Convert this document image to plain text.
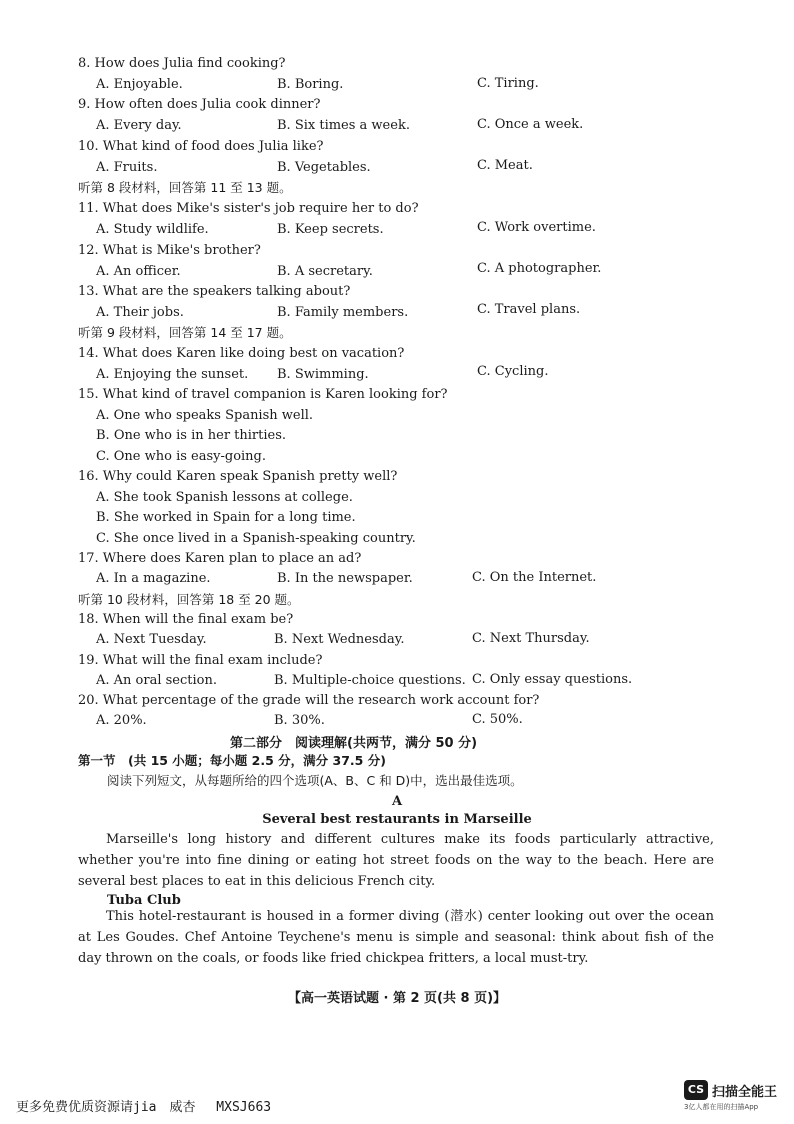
8. How does Julia find cooking?
A. Enjoyable.	B. Boring.	C. Tiring.
9. How often does Julia cook dinner?
A. Every day.	B. Six times a week.	C. Once a week.
10. What kind of food does Julia like?
A. Fruits.	B. Vegetables.	C. Meat.
听第 8 段材料，回答第 11 至 13 题。
11. What does Mike's sister's job require her to do?
A. Study wildlife.	B. Keep secrets.	C. Work overtime.
12. What is Mike's brother?
A. An officer.	B. A secretary.	C. A photographer.
13. What are the speakers talking about?
A. Their jobs.	B. Family members.	C. Travel plans.
听第 9 段材料，回答第 14 至 17 题。
14. What does Karen like doing best on vacation?
A. Enjoying the sunset. B. Swimming.	C. Cycling.
15. What kind of travel companion is Karen looking for?
A. One who speaks Spanish well.
B. One who is in her thirties.
C. One who is easy-going.
16. Why could Karen speak Spanish pretty well?
A. She took Spanish lessons at college.
B. She worked in Spain for a long time.
C. She once lived in a Spanish-speaking country.
17. Where does Karen plan to place an ad?
A. In a magazine.	B. In the newspaper.	C. On the Internet.
听第 10 段材料，回答第 18 至 20 题。
18. When will the final exam be?
A. Next Tuesday.	B. Next Wednesday.	C. Next Thursday.
19. What will the final exam include?
A. An oral section.	B. Multiple-choice questions. C. Only essay questions.
20. What percentage of the grade will the research work account for?
A. 20%.	B. 30%.	C. 50%.
第二部分　阅读理解(共两节，满分 50 分)
第一节　(共 15 小题；每小题 2.5 分，满分 37.5 分)
阅读下列短文，从每题所给的四个选项(A、B、C 和 D)中，选出最佳选项。
A
Several best restaurants in Marseille
Marseille's long history and different cultures make its foods particularly attractive, whether you're into fine dining or eating hot street foods on the way to the beach. Here are several best places to eat in this delicious French city.
Tuba Club
This hotel-restaurant is housed in a former diving (潜水) center looking out over the ocean at Les Goudes. Chef Antoine Teychene's menu is simple and seasonal: think about fish of the day thrown on the coals, or foods like fried chickpea fritters, a local must-try.
【高一英语试题 · 第 2 页(共 8 页)】
更多免费优质资源请jia　威杏　 MXSJ663
CS 扫描全能王
3亿人都在用的扫描App
